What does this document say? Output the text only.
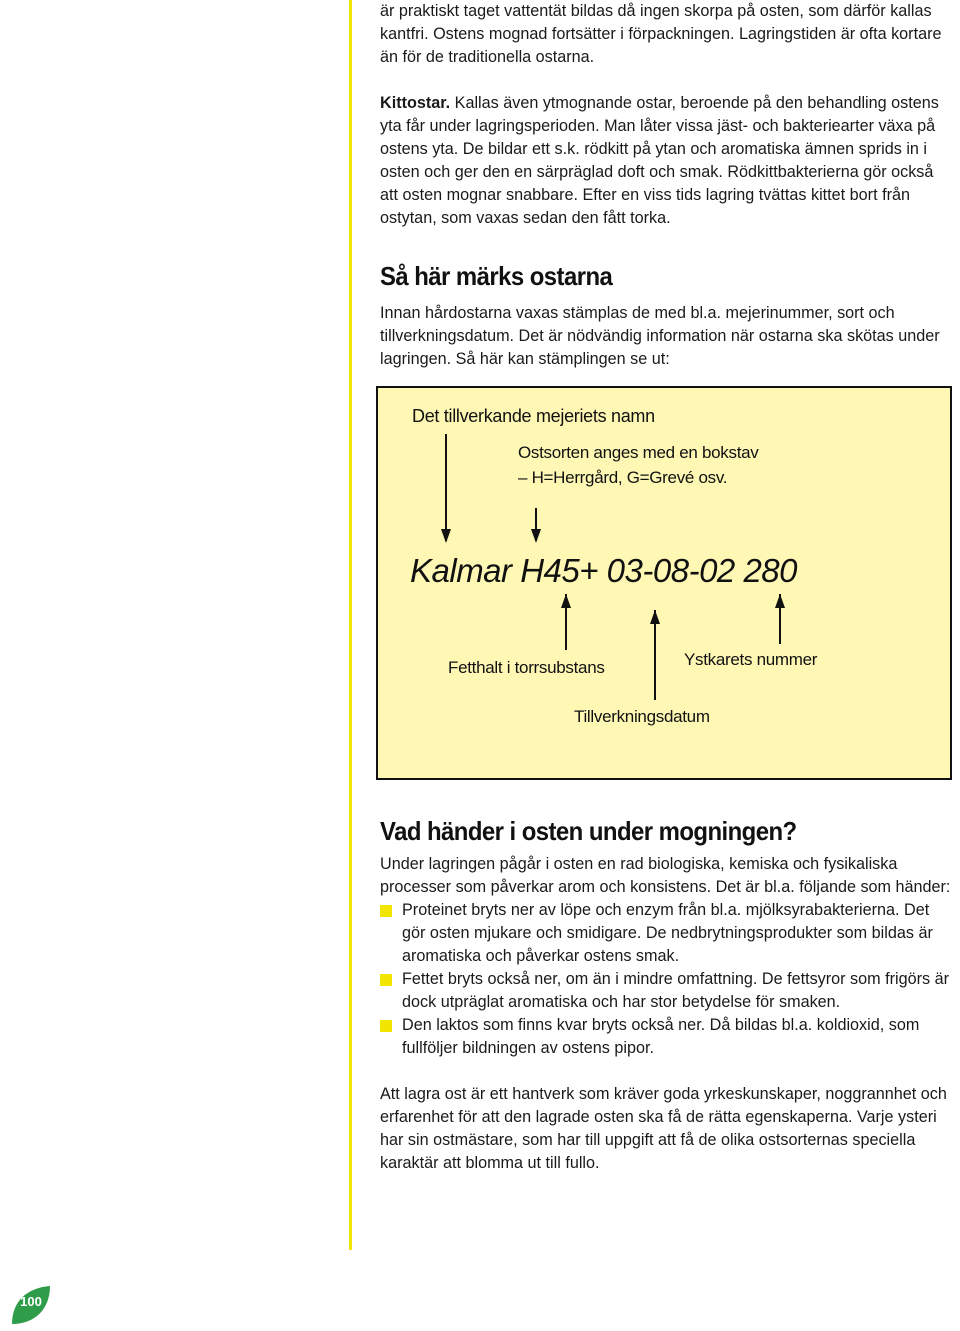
är praktiskt taget vattentät bildas då ingen skorpa på osten, som därför kallas kantfri. Ostens mognad fortsätter i förpackningen. Lagringstiden är ofta kortare än för de traditionella ostarna.

Kittostar. Kallas även ytmognande ostar, beroende på den behandling ostens yta får under lagringsperioden. Man låter vissa jäst- och bakteriearter växa på ostens yta. De bildar ett s.k. rödkitt på ytan och aromatiska ämnen sprids in i osten och ger den en särpräglad doft och smak. Rödkittbakterierna gör också att osten mognar snabbare. Efter en viss tids lagring tvättas kittet bort från ostytan, som vaxas sedan den fått torka.

Så här märks ostarna

Innan hårdostarna vaxas stämplas de med bl.a. mejerinummer, sort och tillverkningsdatum. Det är nödvändig information när ostarna ska skötas under lagringen. Så här kan stämplingen se ut:

Det tillverkande mejeriets namn
Ostsorten anges med en bokstav
– H=Herrgård, G=Grevé osv.
Kalmar H45+ 03-08-02 280
Fetthalt i torrsubstans	Ystkarets nummer
Tillverkningsdatum
Vad händer i osten under mogningen?

Under lagringen pågår i osten en rad biologiska, kemiska och fysikaliska processer som påverkar arom och konsistens. Det är bl.a. följande som händer:

Proteinet bryts ner av löpe och enzym från bl.a. mjölksyrabakterierna. Det gör osten mjukare och smidigare. De nedbrytningsprodukter som bildas är aromatiska och påverkar ostens smak.
Fettet bryts också ner, om än i mindre omfattning. De fettsyror som frigörs är dock utpräglat aromatiska och har stor betydelse för smaken.
Den laktos som finns kvar bryts också ner. Då bildas bl.a. koldioxid, som fullföljer bildningen av ostens pipor.

Att lagra ost är ett hantverk som kräver goda yrkeskunskaper, noggrannhet och erfarenhet för att den lagrade osten ska få de rätta egenskaperna. Varje ysteri har sin ostmästare, som har till uppgift att få de olika ostsorternas speciella karaktär att blomma ut till fullo.

100
